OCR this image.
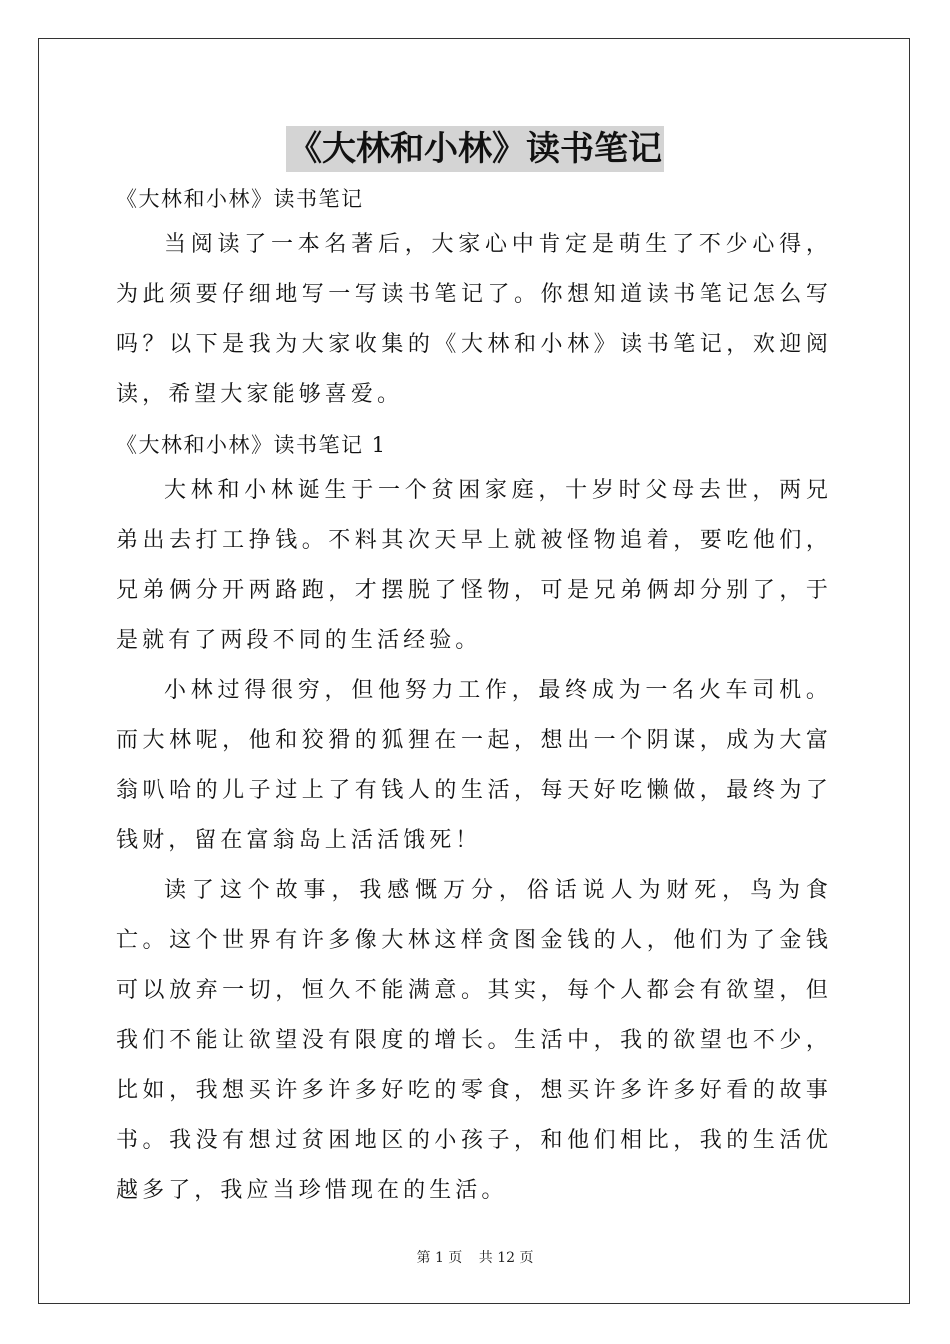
《大林和小林》读书笔记

《大林和小林》读书笔记

当阅读了一本名著后，大家心中肯定是萌生了不少心得，为此须要仔细地写一写读书笔记了。你想知道读书笔记怎么写吗？以下是我为大家收集的《大林和小林》读书笔记，欢迎阅读，希望大家能够喜爱。

《大林和小林》读书笔记 1

大林和小林诞生于一个贫困家庭，十岁时父母去世，两兄弟出去打工挣钱。不料其次天早上就被怪物追着，要吃他们，兄弟俩分开两路跑，才摆脱了怪物，可是兄弟俩却分别了，于是就有了两段不同的生活经验。

小林过得很穷，但他努力工作，最终成为一名火车司机。而大林呢，他和狡猾的狐狸在一起，想出一个阴谋，成为大富翁叭哈的儿子过上了有钱人的生活，每天好吃懒做，最终为了钱财，留在富翁岛上活活饿死！

读了这个故事，我感慨万分，俗话说人为财死，鸟为食亡。这个世界有许多像大林这样贪图金钱的人，他们为了金钱可以放弃一切，恒久不能满意。其实，每个人都会有欲望，但我们不能让欲望没有限度的增长。生活中，我的欲望也不少，比如，我想买许多许多好吃的零食，想买许多许多好看的故事书。我没有想过贫困地区的小孩子，和他们相比，我的生活优越多了，我应当珍惜现在的生活。

第 1 页 共 12 页
